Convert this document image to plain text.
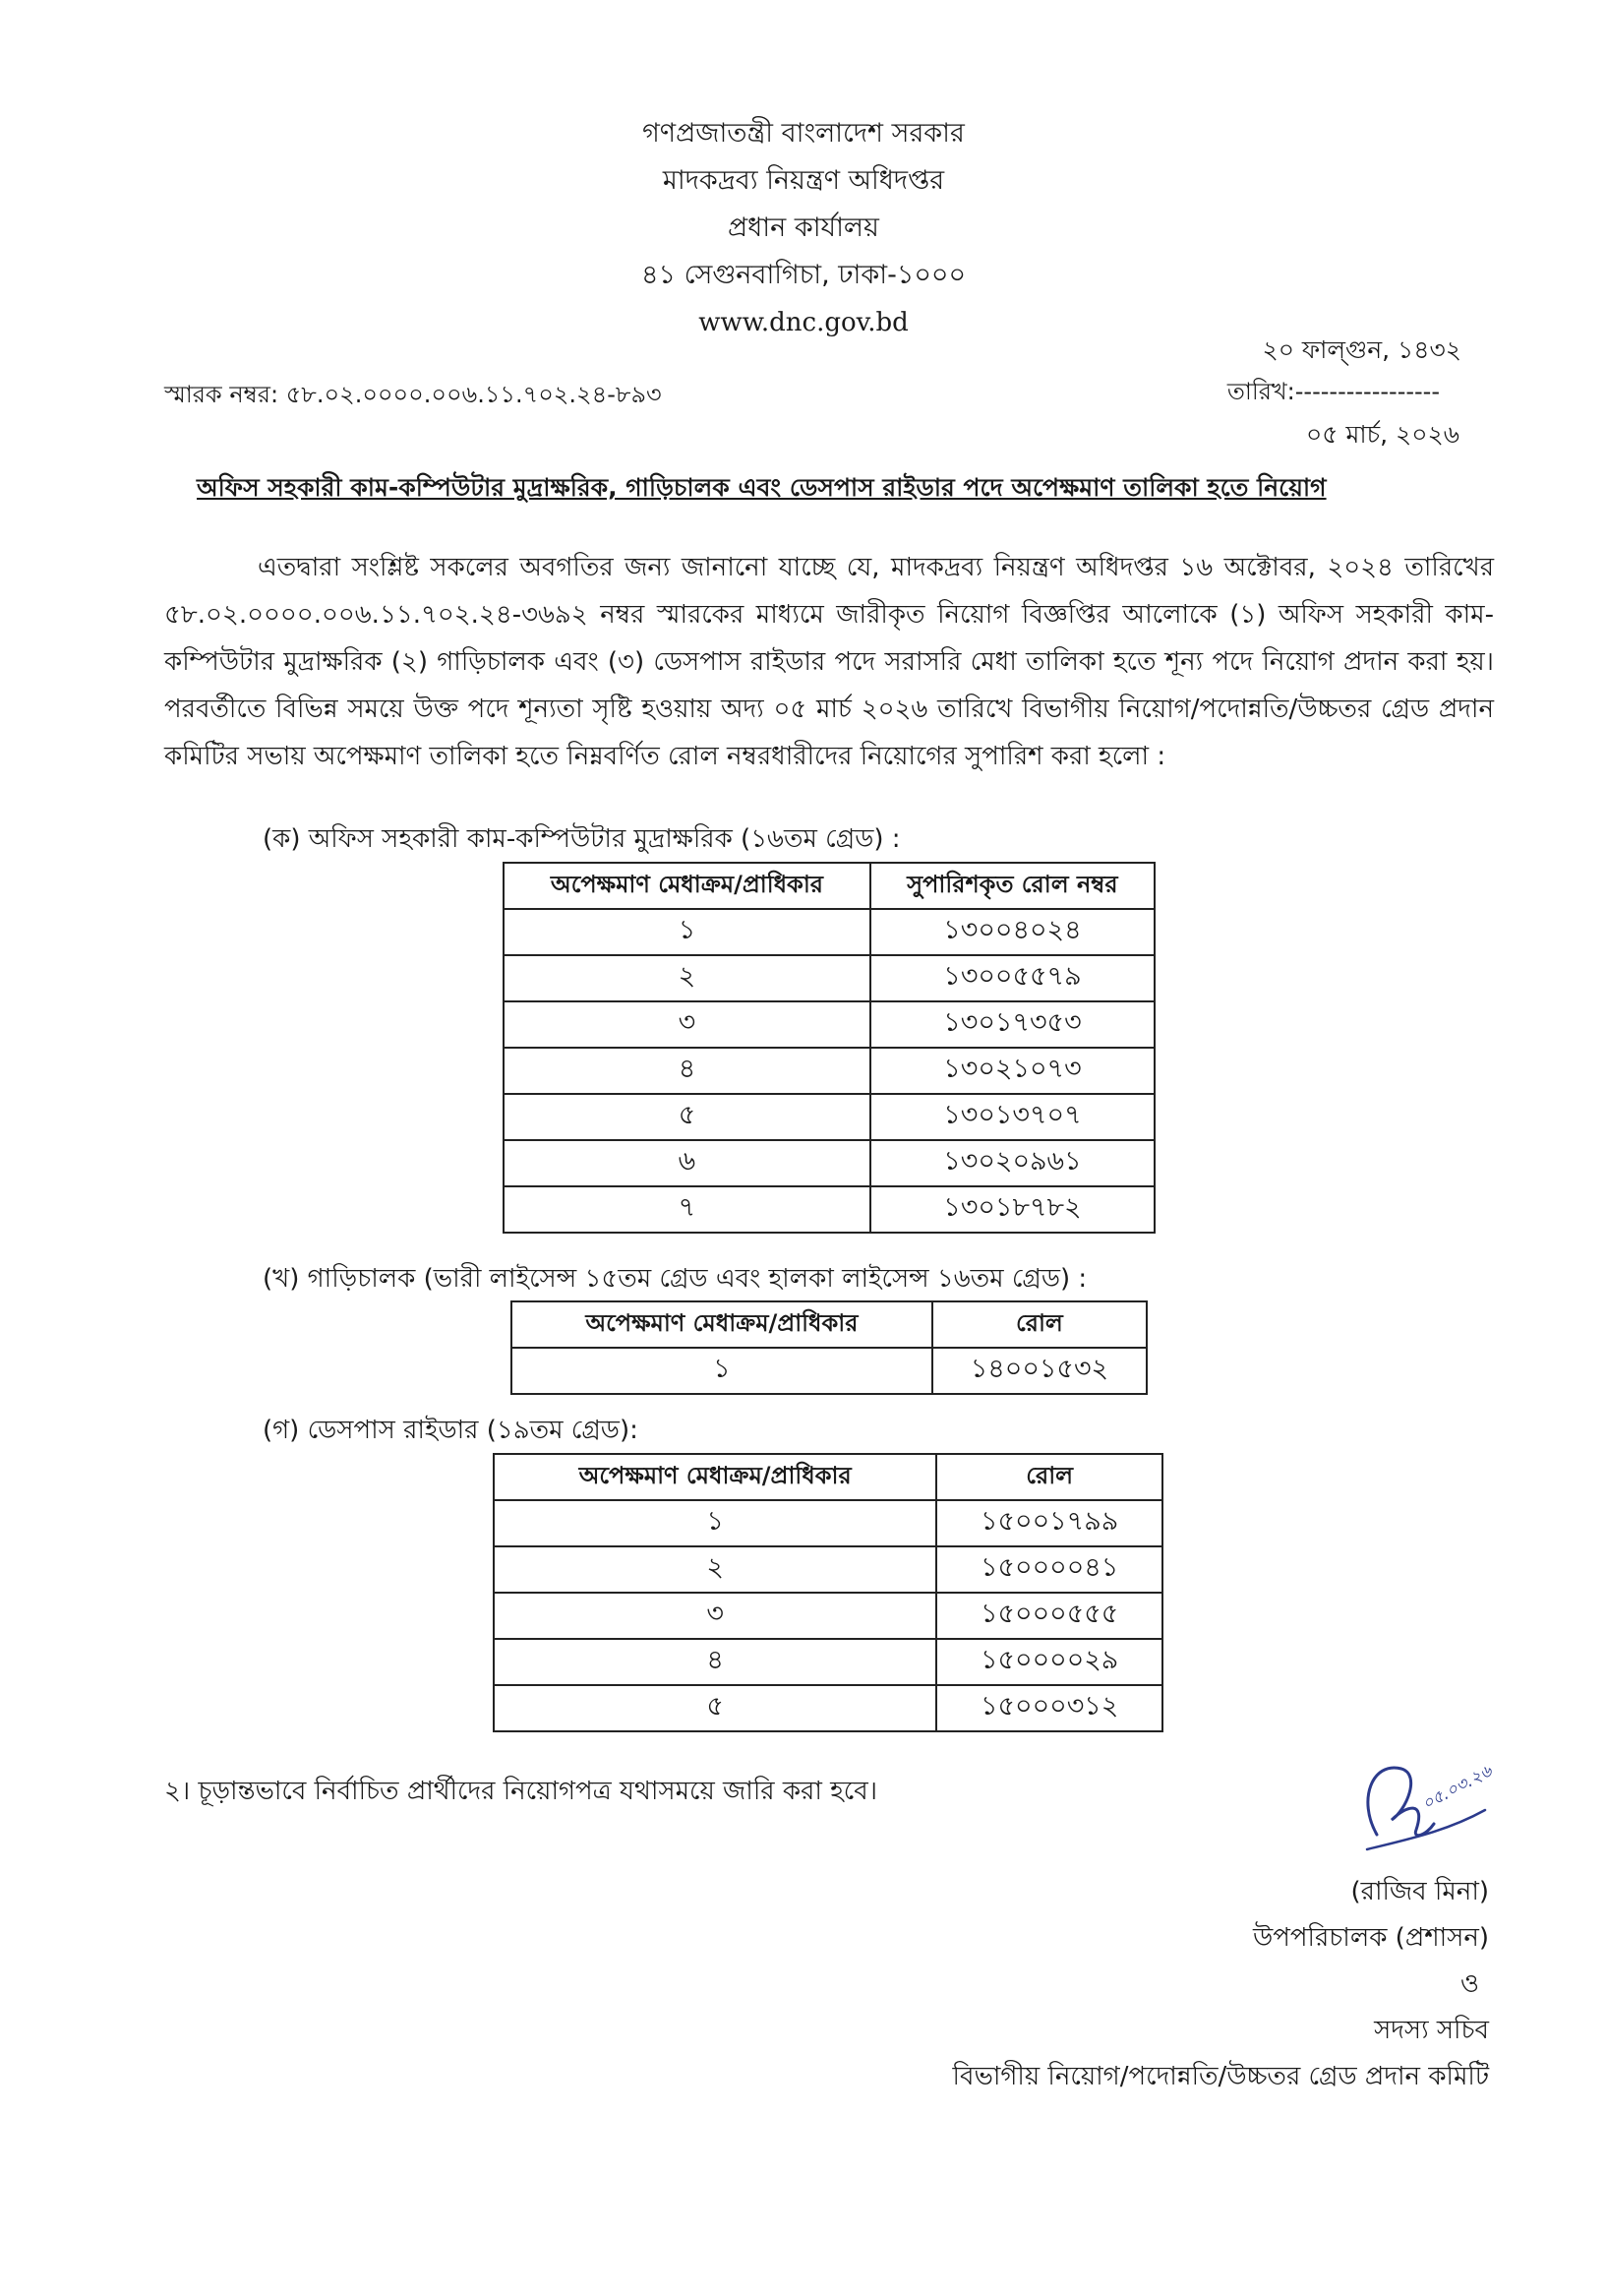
গণপ্রজাতন্ত্রী বাংলাদেশ সরকার
মাদকদ্রব্য নিয়ন্ত্রণ অধিদপ্তর
প্রধান কার্যালয়
৪১ সেগুনবাগিচা, ঢাকা-১০০০
www.dnc.gov.bd
২০ ফাল্গুন, ১৪৩২
স্মারক নম্বর: ৫৮.০২.০০০০.০০৬.১১.৭০২.২৪-৮৯৩	তারিখ:-----------------
০৫ মার্চ, ২০২৬
অফিস সহকারী কাম-কম্পিউটার মুদ্রাক্ষরিক, গাড়িচালক এবং ডেসপাস রাইডার পদে অপেক্ষমাণ তালিকা হতে নিয়োগ

এতদ্বারা সংশ্লিষ্ট সকলের অবগতির জন্য জানানো যাচ্ছে যে, মাদকদ্রব্য নিয়ন্ত্রণ অধিদপ্তর ১৬ অক্টোবর, ২০২৪ তারিখের ৫৮.০২.০০০০.০০৬.১১.৭০২.২৪-৩৬৯২ নম্বর স্মারকের মাধ্যমে জারীকৃত নিয়োগ বিজ্ঞপ্তির আলোকে (১) অফিস সহকারী কাম-কম্পিউটার মুদ্রাক্ষরিক (২) গাড়িচালক এবং (৩) ডেসপাস রাইডার পদে সরাসরি মেধা তালিকা হতে শূন্য পদে নিয়োগ প্রদান করা হয়। পরবর্তীতে বিভিন্ন সময়ে উক্ত পদে শূন্যতা সৃষ্টি হওয়ায় অদ্য ০৫ মার্চ ২০২৬ তারিখে বিভাগীয় নিয়োগ/পদোন্নতি/উচ্চতর গ্রেড প্রদান কমিটির সভায় অপেক্ষমাণ তালিকা হতে নিম্নবর্ণিত রোল নম্বরধারীদের নিয়োগের সুপারিশ করা হলো :

(ক) অফিস সহকারী কাম-কম্পিউটার মুদ্রাক্ষরিক (১৬তম গ্রেড) :
অপেক্ষমাণ মেধাক্রম/প্রাধিকার	সুপারিশকৃত রোল নম্বর
১	১৩০০৪০২৪
২	১৩০০৫৫৭৯
৩	১৩০১৭৩৫৩
৪	১৩০২১০৭৩
৫	১৩০১৩৭০৭
৬	১৩০২০৯৬১
৭	১৩০১৮৭৮২
(খ) গাড়িচালক (ভারী লাইসেন্স ১৫তম গ্রেড এবং হালকা লাইসেন্স ১৬তম গ্রেড) :
অপেক্ষমাণ মেধাক্রম/প্রাধিকার	রোল
১	১৪০০১৫৩২
(গ) ডেসপাস রাইডার (১৯তম গ্রেড):
অপেক্ষমাণ মেধাক্রম/প্রাধিকার	রোল
১	১৫০০১৭৯৯
২	১৫০০০০৪১
৩	১৫০০০৫৫৫
৪	১৫০০০০২৯
৫	১৫০০০৩১২
২। চূড়ান্তভাবে নির্বাচিত প্রার্থীদের নিয়োগপত্র যথাসময়ে জারি করা হবে।	০৫.০৩.২৬
(রাজিব মিনা)
উপপরিচালক (প্রশাসন)
ও
সদস্য সচিব
বিভাগীয় নিয়োগ/পদোন্নতি/উচ্চতর গ্রেড প্রদান কমিটি
